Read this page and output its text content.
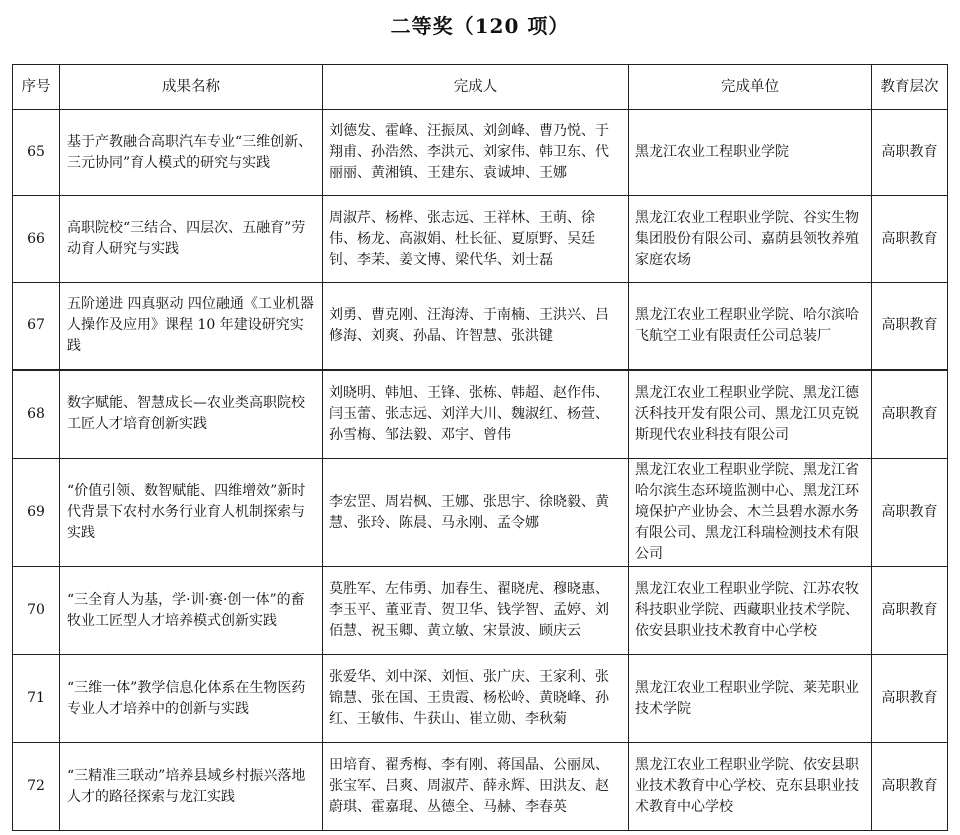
二等奖（120 项）
序号	成果名称	完成人	完成单位	教育层次
65	基于产教融合高职汽车专业“三维创新、三元协同”育人模式的研究与实践	刘德发、霍峰、汪振凤、刘剑峰、曹乃悦、于翔甫、孙浩然、李洪元、刘家伟、韩卫东、代丽丽、黄湘镇、王建东、袁诚坤、王娜	黑龙江农业工程职业学院	高职教育
66	高职院校“三结合、四层次、五融育”劳动育人研究与实践	周淑芹、杨桦、张志远、王祥林、王萌、徐伟、杨龙、高淑娟、杜长征、夏原野、吴廷钊、李茉、姜文博、梁代华、刘士磊	黑龙江农业工程职业学院、谷实生物集团股份有限公司、嘉荫县领牧养殖家庭农场	高职教育
67	五阶递进 四真驱动 四位融通《工业机器人操作及应用》课程 10 年建设研究实践	刘勇、曹克刚、汪海涛、于南楠、王洪兴、吕修海、刘爽、孙晶、许智慧、张洪键	黑龙江农业工程职业学院、哈尔滨哈飞航空工业有限责任公司总装厂	高职教育
68	数字赋能、智慧成长—农业类高职院校工匠人才培育创新实践	刘晓明、韩旭、王锋、张栋、韩超、赵作伟、闫玉蕾、张志远、刘洋大川、魏淑红、杨萱、孙雪梅、邹法毅、邓宇、曾伟	黑龙江农业工程职业学院、黑龙江德沃科技开发有限公司、黑龙江贝克锐斯现代农业科技有限公司	高职教育
69	“价值引领、数智赋能、四维增效”新时代背景下农村水务行业育人机制探索与实践	李宏罡、周岩枫、王娜、张思宇、徐晓毅、黄慧、张玲、陈晨、马永刚、孟令娜	黑龙江农业工程职业学院、黑龙江省哈尔滨生态环境监测中心、黑龙江环境保护产业协会、木兰县碧水源水务有限公司、黑龙江科瑞检测技术有限公司	高职教育
70	“三全育人为基，学·训·赛·创一体”的畜牧业工匠型人才培养模式创新实践	莫胜军、左伟勇、加春生、翟晓虎、穆晓惠、李玉平、董亚青、贺卫华、钱学智、孟婷、刘佰慧、祝玉卿、黄立敏、宋景波、顾庆云	黑龙江农业工程职业学院、江苏农牧科技职业学院、西藏职业技术学院、依安县职业技术教育中心学校	高职教育
71	“三维一体”教学信息化体系在生物医药专业人才培养中的创新与实践	张爱华、刘中深、刘恒、张广庆、王家利、张锦慧、张在国、王贵霞、杨松岭、黄晓峰、孙红、王敏伟、牛获山、崔立勋、李秋菊	黑龙江农业工程职业学院、莱芜职业技术学院	高职教育
72	“三精准三联动”培养县域乡村振兴落地人才的路径探索与龙江实践	田培育、翟秀梅、李有刚、蒋国晶、公丽凤、张宝军、吕爽、周淑芹、薛永辉、田洪友、赵蔚琪、霍嘉琨、丛德全、马赫、李春英	黑龙江农业工程职业学院、依安县职业技术教育中心学校、克东县职业技术教育中心学校	高职教育
